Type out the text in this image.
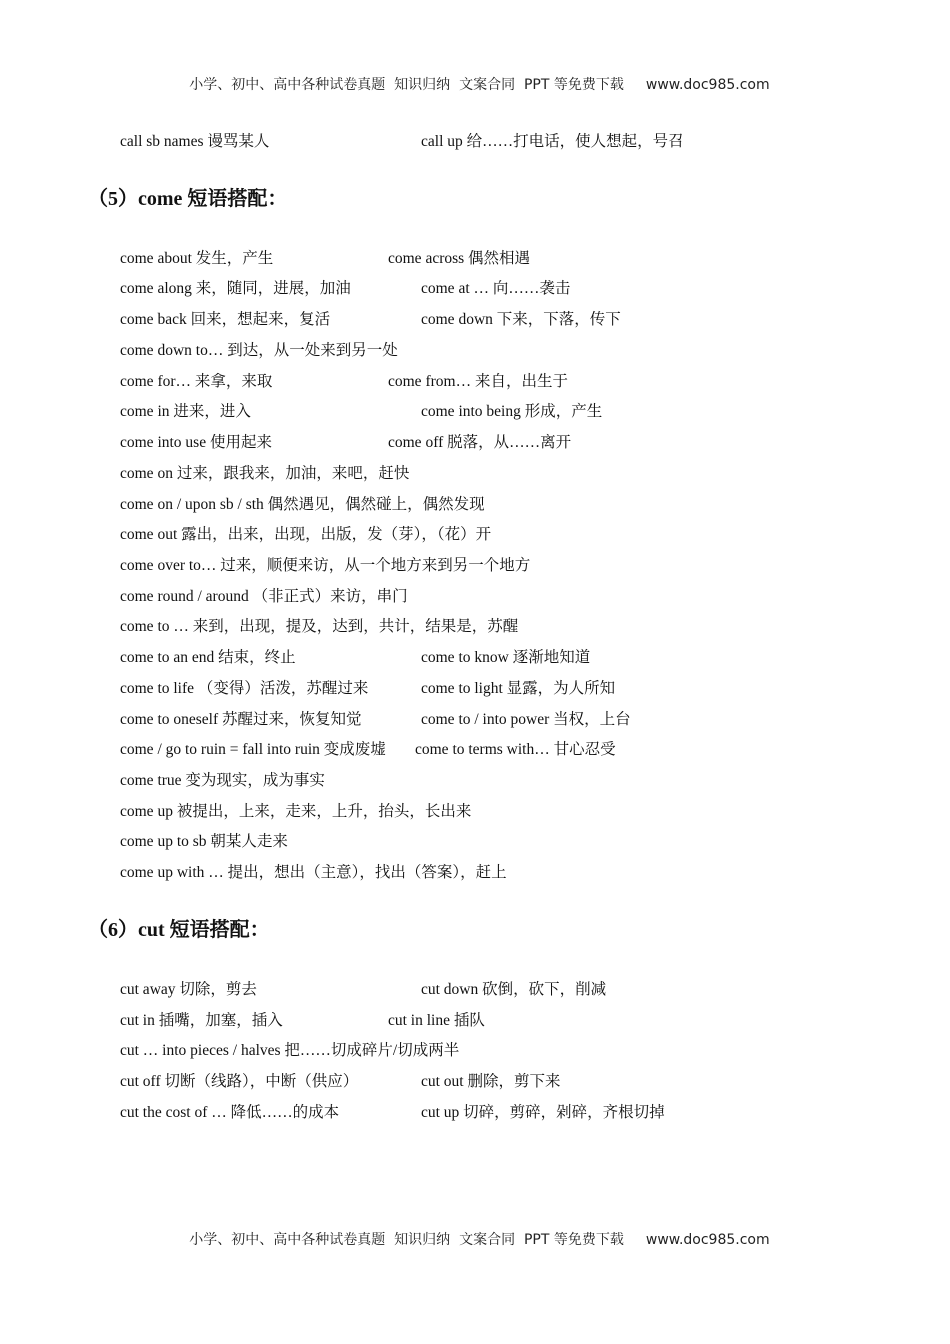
小学、初中、高中各种试卷真题  知识归纳  文案合同  PPT 等免费下载 www.doc985.com

call sb names 谩骂某人	call up 给……打电话，使人想起，号召
（5）come 短语搭配：
come about 发生，产生	come across 偶然相遇
come along 来，随同，进展，加油	come at … 向……袭击
come back 回来，想起来，复活	come down 下来，下落，传下
come down to… 到达，从一处来到另一处
come for… 来拿，来取	come from… 来自，出生于
come in 进来，进入	come into being 形成，产生
come into use 使用起来	come off 脱落，从……离开
come on 过来，跟我来，加油，来吧，赶快
come on / upon sb / sth 偶然遇见，偶然碰上，偶然发现
come out 露出，出来，出现，出版，发（芽），（花）开
come over to… 过来，顺便来访，从一个地方来到另一个地方
come round / around （非正式）来访，串门
come to … 来到，出现，提及，达到，共计，结果是，苏醒
come to an end 结束，终止	come to know 逐渐地知道
come to life （变得）活泼，苏醒过来	come to light 显露，为人所知
come to oneself 苏醒过来，恢复知觉	come to / into power 当权，上台
come / go to ruin = fall into ruin 变成废墟 come to terms with… 甘心忍受
come true 变为现实，成为事实
come up 被提出，上来，走来，上升，抬头，长出来
come up to sb 朝某人走来
come up with … 提出，想出（主意），找出（答案），赶上
（6）cut 短语搭配：
cut away 切除，剪去	cut down 砍倒，砍下，削减
cut in 插嘴，加塞，插入	cut in line 插队
cut … into pieces / halves 把……切成碎片/切成两半
cut off 切断（线路），中断（供应）	cut out 删除，剪下来
cut the cost of … 降低……的成本	cut up 切碎，剪碎，剁碎，齐根切掉

小学、初中、高中各种试卷真题  知识归纳  文案合同  PPT 等免费下载 www.doc985.com
